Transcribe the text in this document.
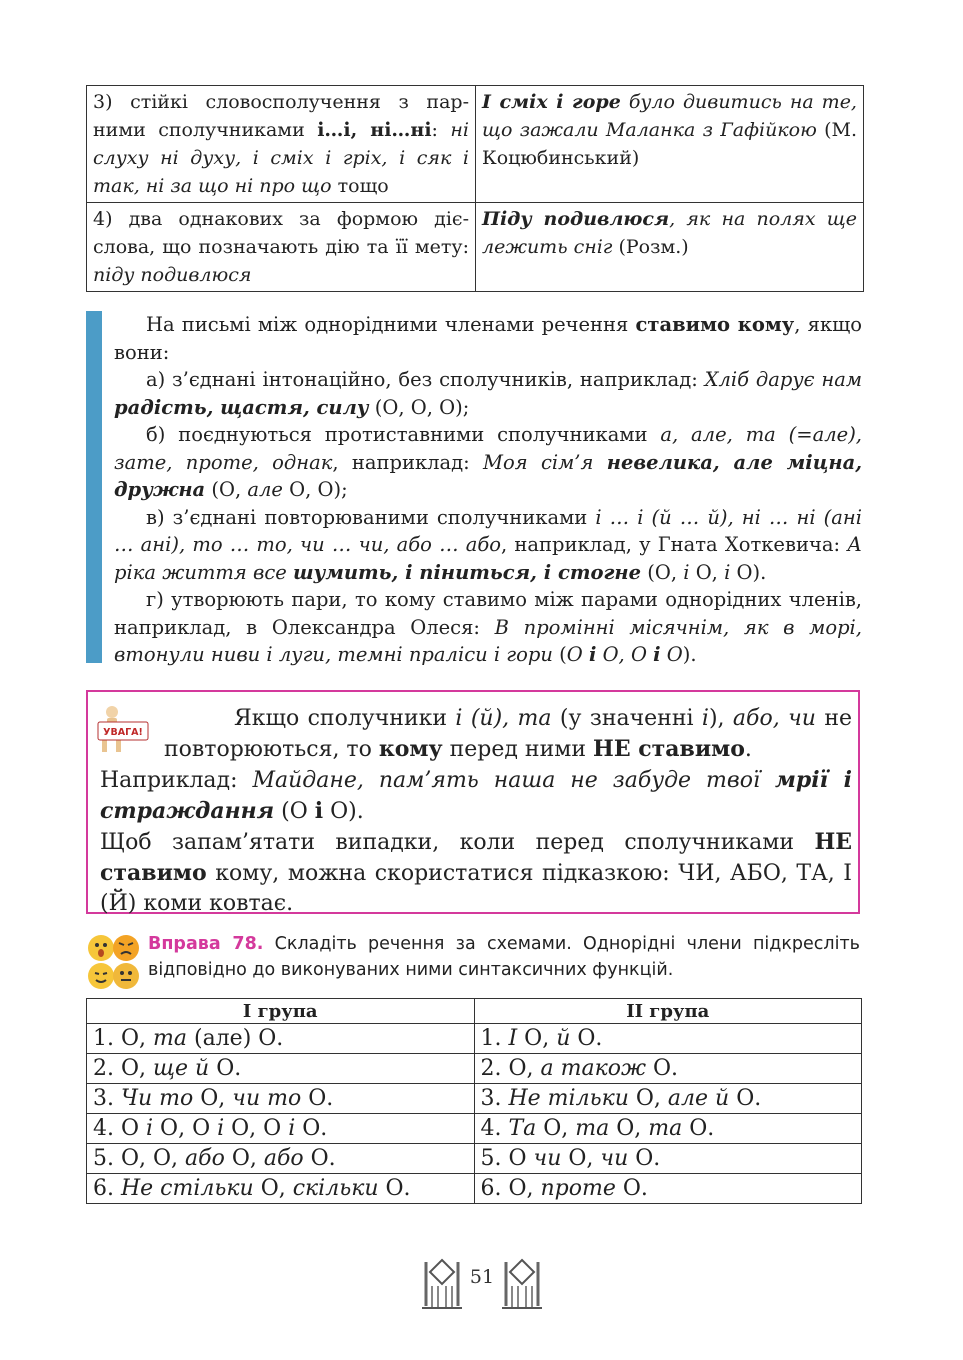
3) стійкі словосполучення з парними сполучниками і…і, ні…ні: ні слуху ні духу, і сміх і гріх, і сяк і так, ні за що ні про що тощо	І сміх і горе було дивитись на те, що зажали Маланка з Гафійкою (М. Коцюбинський)
4) два однакових за формою дієслова, що позначають дію та її мету: піду подивлюся	Піду подивлюся, як на полях ще лежить сніг (Розм.)

На письмі між однорідними членами речення ставимо кому, якщо вони:

а) з’єднані інтонаційно, без сполучників, наприклад: Хліб дарує нам радість, щастя, силу (О, О, О);

б) поєднуються протиставними сполучниками а, але, та (=але), зате, проте, однак, наприклад: Моя сім’я невелика, але міцна, дружна (О, але О, О);

в) з’єднані повторюваними сполучниками і … і (й … й), ні … ні (ані … ані), то … то, чи … чи, або … або, наприклад, у Гната Хоткевича: А ріка життя все шумить, і піниться, і стогне (О, і О, і О).

г) утворюють пари, то кому ставимо між парами однорідних членів, наприклад, в Олександра Олеся: В промінні місячнім, як в морі, втонули ниви і луги, темні праліси і гори (О і О, О і О).

УВАГА!

Якщо сполучники і (й), та (у значенні і), або, чи не повторюються, то кому перед ними НЕ ставимо.

Наприклад: Майдане, пам’ять наша не забуде твої мрії і страждання (О і О).

Щоб запам’ятати випадки, коли перед сполучниками НЕ ставимо кому, можна скористатися підказкою: ЧИ, АБО, ТА, І (Й) коми ковтає.

Вправа 78. Складіть речення за схемами. Однорідні члени підкресліть відповідно до виконуваних ними синтаксичних функцій.
І група	ІІ група
1. О, та (але) О.	1. І О, й О.
2. О, ще й О.	2. О, а також О.
3. Чи то О, чи то О.	3. Не тільки О, але й О.
4. О і О, О і О, О і О.	4. Та О, та О, та О.
5. О, О, або О, або О.	5. О чи О, чи О.
6. Не стільки О, скільки О.	6. О, проте О.
51
